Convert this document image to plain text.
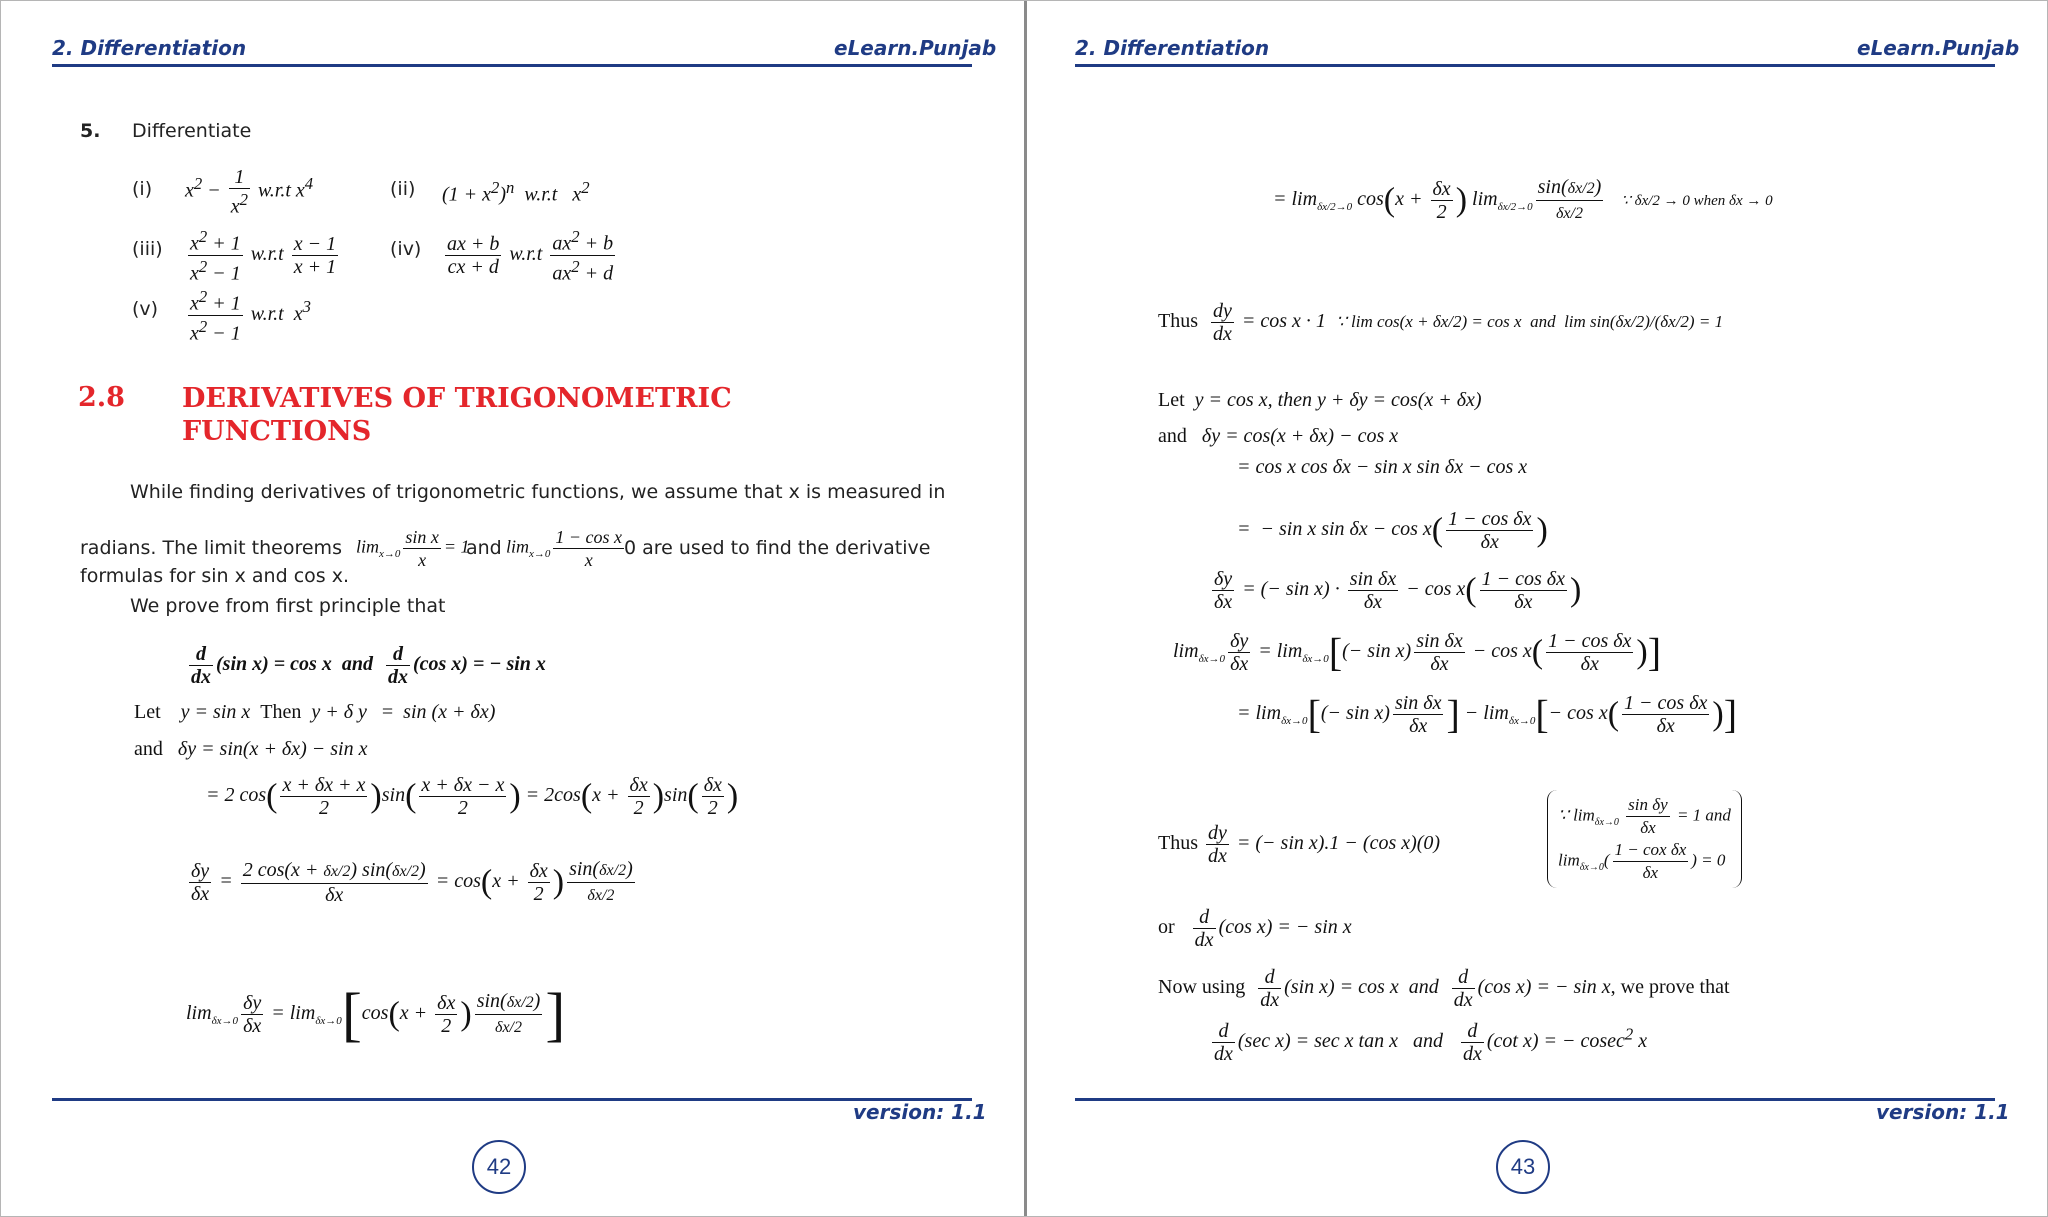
2. Differentiation	eLearn.Punjab
5. Differentiate
(i) $x^2 - \frac{1}{x^2} w.r.t$ $x^4$	(ii) $(1 + x^2)^n$  w.r.t   $x^2$
$(iii) \frac{x^2 + 1}{x^2 - 1} w.r.t \frac{x - 1}{x + 1}$	$(iv) \frac{ax + b}{cx + d} w.r.t \frac{ax^2 + b}{ax^2 + d}$
$(v) \frac{x^2 + 1}{x^2 - 1} w.r.t$  $x^3$
2.8 DERIVATIVES OF TRIGONOMETRIC FUNCTIONS
While finding derivatives of trigonometric functions, we assume that x is measured in
radians. The limit theorems $\lim_{x\to 0} \frac{\text{sin x}}{x} = 1$
and $\lim_{x\to 0} \frac{\text{1 − cos x}}{x} 0$ are used to find the derivative
formulas for sin x and cos x.
We prove from first principle that
$\frac{d}{dx} (\sin$ x) = cos x  and $\frac{d}{dx} (\cos$ x) = − sin x
Let y = sin x  Then  y + δ y   =  sin (x + δx)
and δy = sin(x + δx) − sin x
= 2 $\cos( \frac{x + \delta x + x}{2} )\sin( \frac{x + \delta x - x}{2}$ ) = $2\cos(x + \frac{\delta x}{2} )\sin( \frac{\delta x}{2}$ )
$\frac{\delta y}{\delta x} = \frac{2 \cos(x + \delta x/2) \sin(\delta x/2)}{\delta x} = \cos(x + \frac{\delta x}{2}$ ) $\frac{\sin(\delta x/2)}{\delta x/2}$
$\lim_{\delta x\to 0} \frac{\delta y}{\delta x} = \lim_{\delta x\to 0}[\cos(x + \frac{\delta x}{2}$ ) $\frac{\sin(\delta x/2)}{\delta x/2}$ ]
version: 1.1
42
2. Differentiation	eLearn.Punjab
= $\lim_{\delta x/2\to 0} \cos(x + \frac{\delta x}{2}$ ) $\lim_{\delta x/2\to 0} \frac{\sin(\delta x/2)}{\delta x/2}$ ∵ δx/2 → 0 when δx → 0
Thus $\frac{dy}{dx} = \cos x \cdot 1$ ∵ lim cos(x + δx/2) = cos x  and  lim sin(δx/2)/(δx/2) = 1
Let  y = cos x, then y + δy = cos(x + δx)
and   δy = cos(x + δx) − cos x
= cos x cos δx − sin x sin δx − cos x
=  − sin x $\sin \delta x - \cos x( \frac{\text{1 − cos δx}}{\delta x}$ )
$\frac{\delta y}{\delta x}$ = (− $\sin x) \cdot \frac{\text{sin δx}}{\delta x} - \cos x( \frac{\text{1 − cos δx}}{\delta x}$ )
$\lim_{\delta x\to 0} \frac{\delta y}{\delta x} = \lim_{\delta x\to 0}[(- \sin x) \frac{\text{sin δx}}{\delta x} - \cos x( \frac{\text{1 − cos δx}}{\delta x}$ )]
= $\lim_{\delta x\to 0}[(- \sin x) \frac{\text{sin δx}}{\delta x}$ ] − $\lim_{\delta x\to 0}[- \cos x( \frac{\text{1 − cos δx}}{\delta x}$ )]
Thus $\frac{dy}{dx}$ = (− sin x).1 − (cos x)(0)
∵ $\lim_{\delta x\to 0} \frac{\text{sin δy}}{\delta x} = 1$ and
$\lim_{\delta x\to 0}( \frac{\text{1 − cox δx}}{\delta x}$ ) = 0
or $\frac{d}{dx} (\cos$ x) = − sin x
Now using $\frac{d}{dx} (\sin$ x) = cos x  and $\frac{d}{dx} (\cos$ x) = − sin x, we prove that
$\frac{d}{dx} (\sec$ x) = sec x tan x   and $\frac{d}{dx} (\cot$ x) = − cosec$^2$ x
version: 1.1
43
